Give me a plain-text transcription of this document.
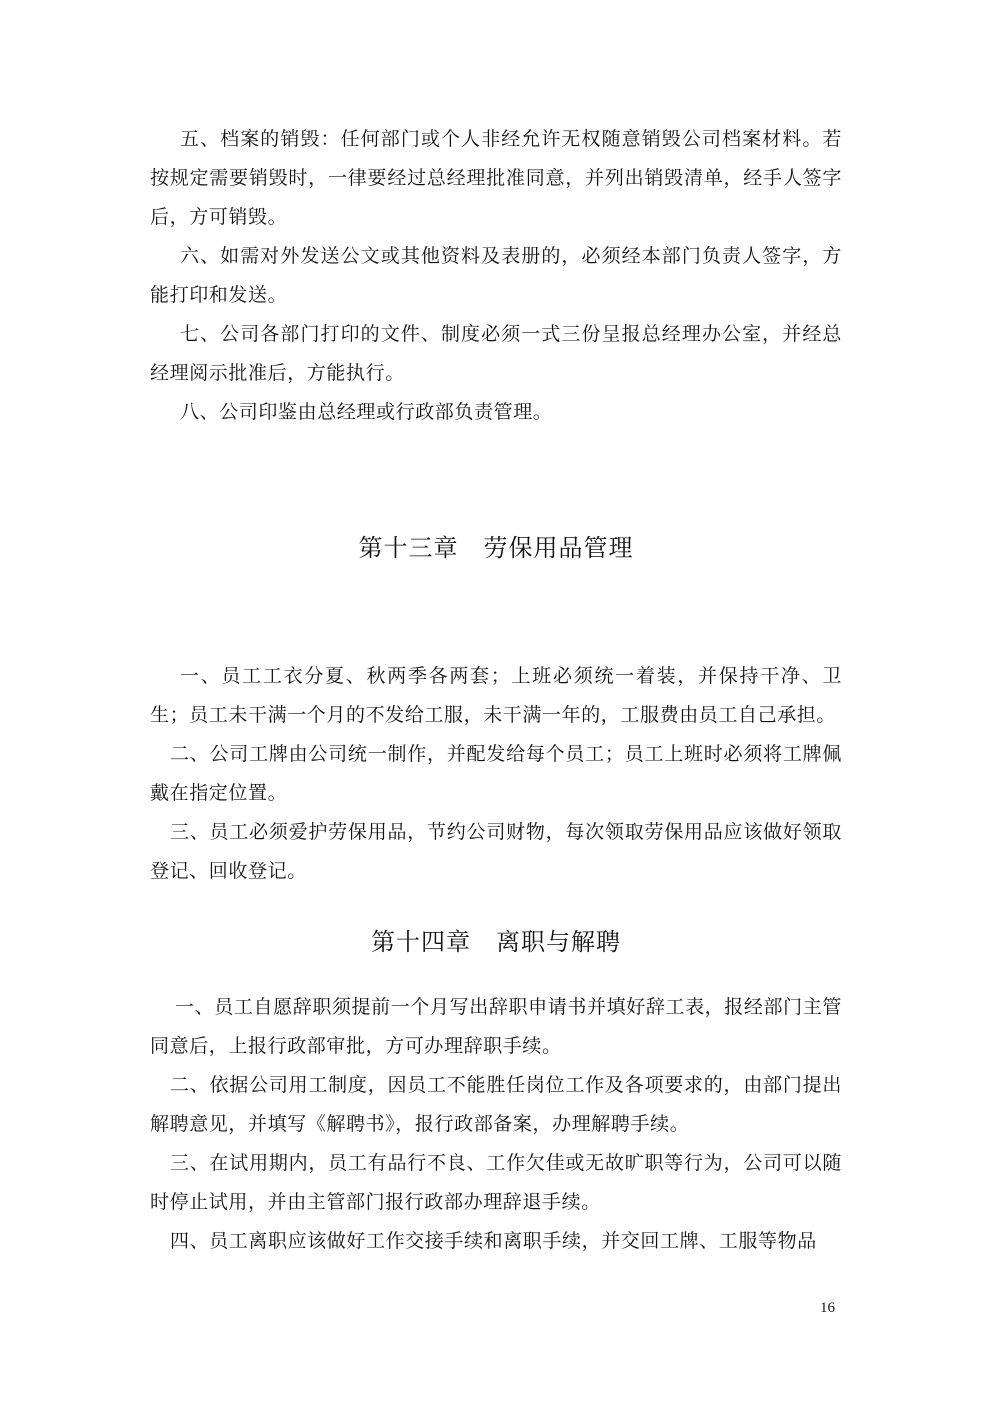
五、档案的销毁：任何部门或个人非经允许无权随意销毁公司档案材料。若按规定需要销毁时，一律要经过总经理批准同意，并列出销毁清单，经手人签字后，方可销毁。

六、如需对外发送公文或其他资料及表册的，必须经本部门负责人签字，方能打印和发送。

七、公司各部门打印的文件、制度必须一式三份呈报总经理办公室，并经总经理阅示批准后，方能执行。

八、公司印鉴由总经理或行政部负责管理。

第十三章　劳保用品管理

一、员工工衣分夏、秋两季各两套；上班必须统一着装，并保持干净、卫生；员工未干满一个月的不发给工服，未干满一年的，工服费由员工自己承担。

二、公司工牌由公司统一制作，并配发给每个员工；员工上班时必须将工牌佩戴在指定位置。

三、员工必须爱护劳保用品，节约公司财物，每次领取劳保用品应该做好领取登记、回收登记。

第十四章　离职与解聘

一、员工自愿辞职须提前一个月写出辞职申请书并填好辞工表，报经部门主管同意后，上报行政部审批，方可办理辞职手续。

二、依据公司用工制度，因员工不能胜任岗位工作及各项要求的，由部门提出解聘意见，并填写《解聘书》，报行政部备案，办理解聘手续。

三、在试用期内，员工有品行不良、工作欠佳或无故旷职等行为，公司可以随时停止试用，并由主管部门报行政部办理辞退手续。

四、员工离职应该做好工作交接手续和离职手续，并交回工牌、工服等物品

16
